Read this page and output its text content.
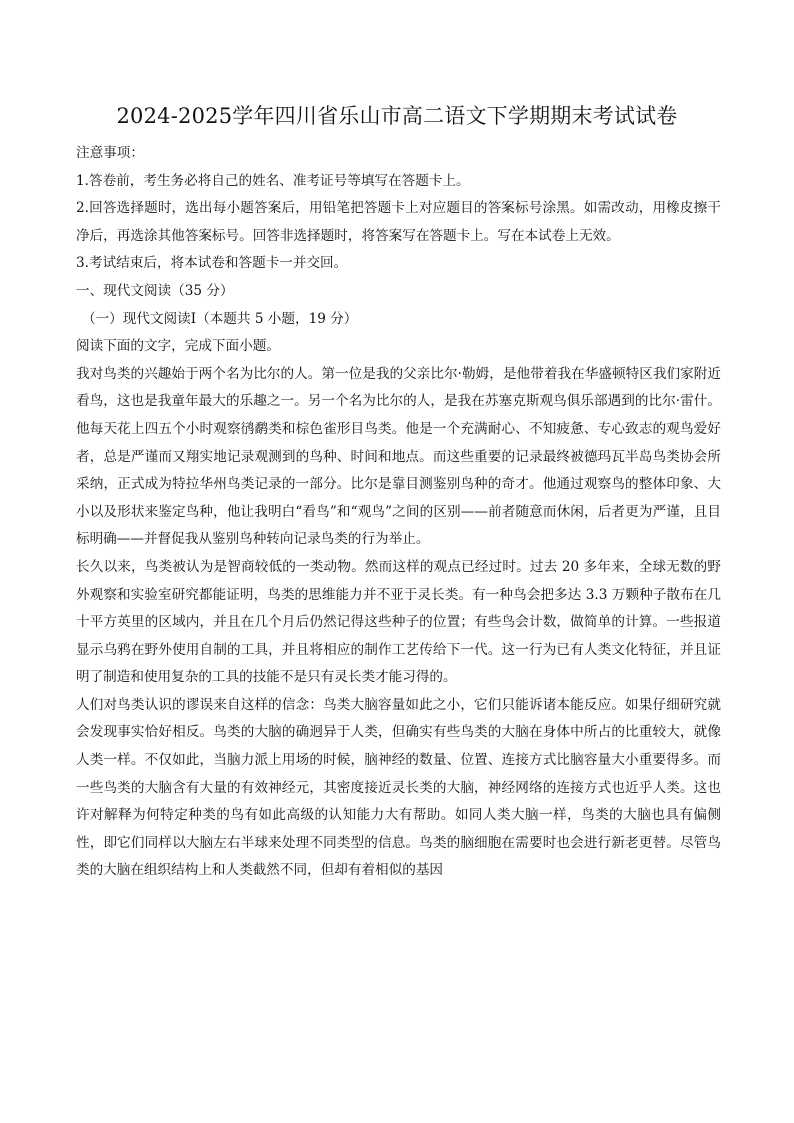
2024-2025学年四川省乐山市高二语文下学期期末考试试卷

注意事项：

1.答卷前，考生务必将自己的姓名、准考证号等填写在答题卡上。

2.回答选择题时，选出每小题答案后，用铅笔把答题卡上对应题目的答案标号涂黑。如需改动，用橡皮擦干净后，再选涂其他答案标号。回答非选择题时，将答案写在答题卡上。写在本试卷上无效。

3.考试结束后，将本试卷和答题卡一并交回。

一、现代文阅读（35 分）

（一）现代文阅读Ⅰ（本题共 5 小题，19 分）

阅读下面的文字，完成下面小题。

我对鸟类的兴趣始于两个名为比尔的人。第一位是我的父亲比尔·勒姆，是他带着我在华盛顿特区我们家附近看鸟，这也是我童年最大的乐趣之一。另一个名为比尔的人，是我在苏塞克斯观鸟俱乐部遇到的比尔·雷什。他每天花上四五个小时观察鸻鹬类和棕色雀形目鸟类。他是一个充满耐心、不知疲惫、专心致志的观鸟爱好者，总是严谨而又翔实地记录观测到的鸟种、时间和地点。而这些重要的记录最终被德玛瓦半岛鸟类协会所采纳，正式成为特拉华州鸟类记录的一部分。比尔是靠目测鉴别鸟种的奇才。他通过观察鸟的整体印象、大小以及形状来鉴定鸟种，他让我明白“看鸟”和“观鸟”之间的区别——前者随意而休闲，后者更为严谨，且目标明确——并督促我从鉴别鸟种转向记录鸟类的行为举止。

长久以来，鸟类被认为是智商较低的一类动物。然而这样的观点已经过时。过去 20 多年来，全球无数的野外观察和实验室研究都能证明，鸟类的思维能力并不亚于灵长类。有一种鸟会把多达 3.3 万颗种子散布在几十平方英里的区域内，并且在几个月后仍然记得这些种子的位置；有些鸟会计数，做简单的计算。一些报道显示乌鸦在野外使用自制的工具，并且将相应的制作工艺传给下一代。这一行为已有人类文化特征，并且证明了制造和使用复杂的工具的技能不是只有灵长类才能习得的。

人们对鸟类认识的谬误来自这样的信念：鸟类大脑容量如此之小，它们只能诉诸本能反应。如果仔细研究就会发现事实恰好相反。鸟类的大脑的确迥异于人类，但确实有些鸟类的大脑在身体中所占的比重较大，就像人类一样。不仅如此，当脑力派上用场的时候，脑神经的数量、位置、连接方式比脑容量大小重要得多。而一些鸟类的大脑含有大量的有效神经元，其密度接近灵长类的大脑，神经网络的连接方式也近乎人类。这也许对解释为何特定种类的鸟有如此高级的认知能力大有帮助。如同人类大脑一样，鸟类的大脑也具有偏侧性，即它们同样以大脑左右半球来处理不同类型的信息。鸟类的脑细胞在需要时也会进行新老更替。尽管鸟类的大脑在组织结构上和人类截然不同，但却有着相似的基因
